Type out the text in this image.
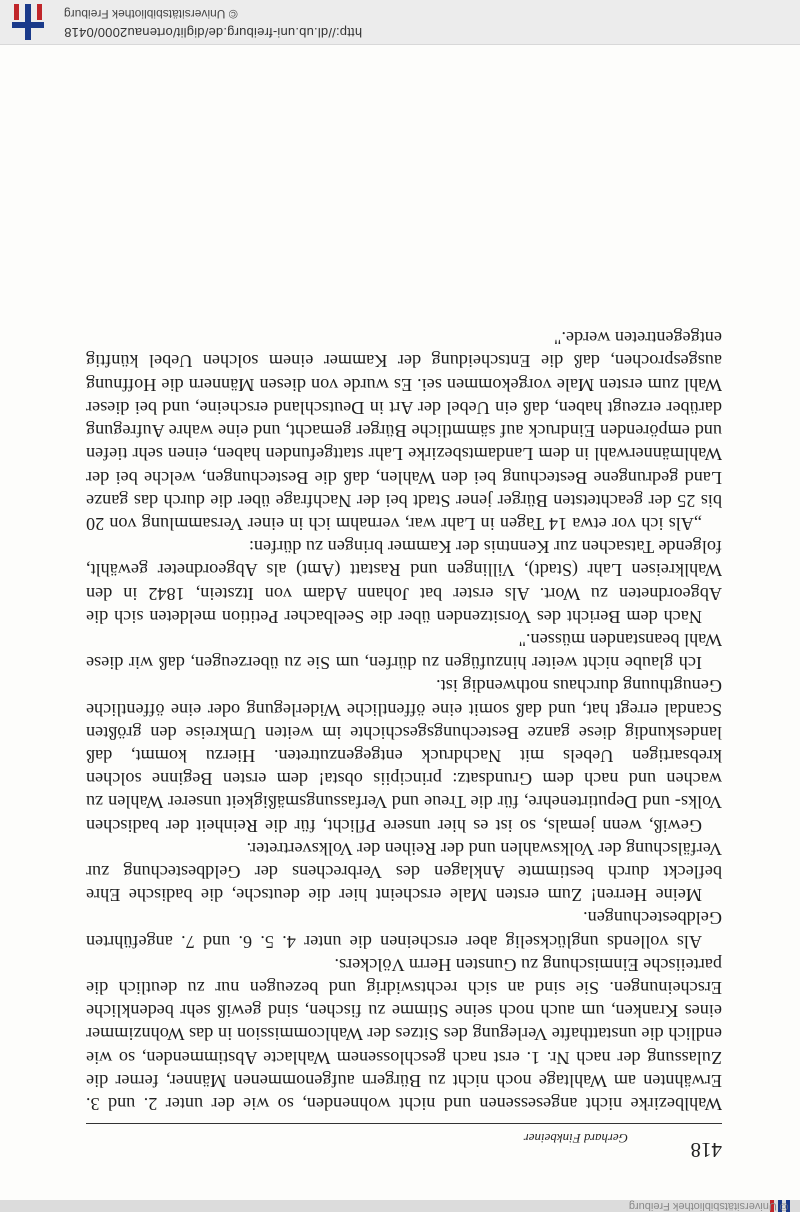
© Universitätsbibliothek Freiburg
418
Gerhard Finkbeiner

Wahlbezirke nicht angesessenen und nicht wohnenden, so wie der unter 2. und 3. Erwähnten am Wahltage noch nicht zu Bürgern aufgenommenen Männer, ferner die Zulassung der nach Nr. 1. erst nach geschlossenem Wahlacte Abstimmenden, so wie endlich die unstatthafte Verlegung des Sitzes der Wahlcommission in das Wohnzimmer eines Kranken, um auch noch seine Stimme zu fischen, sind gewiß sehr bedenkliche Erscheinungen. Sie sind an sich rechtswidrig und bezeugen nur zu deutlich die parteiische Einmischung zu Gunsten Herrn Völckers.

Als vollends unglückselig aber erscheinen die unter 4. 5. 6. und 7. angeführten Geldbestechungen.

Meine Herren! Zum ersten Male erscheint hier die deutsche, die badische Ehre befleckt durch bestimmte Anklagen des Verbrechens der Geldbestechung zur Verfälschung der Volkswahlen und der Reihen der Volksvertreter.

Gewiß, wenn jemals, so ist es hier unsere Pflicht, für die Reinheit der badischen Volks- und Deputirtenehre, für die Treue und Verfassungsmäßigkeit unserer Wahlen zu wachen und nach dem Grundsatz: principiis obsta! dem ersten Beginne solchen krebsartigen Uebels mit Nachdruck entgegenzutreten. Hierzu kommt, daß landeskundig diese ganze Bestechungsgeschichte im weiten Umkreise den größten Scandal erregt hat, und daß somit eine öffentliche Widerlegung oder eine öffentliche Genugthuung durchaus nothwendig ist.

Ich glaube nicht weiter hinzufügen zu dürfen, um Sie zu überzeugen, daß wir diese Wahl beanstanden müssen."

Nach dem Bericht des Vorsitzenden über die Seelbacher Petition meldeten sich die Abgeordneten zu Wort. Als erster bat Johann Adam von Itzstein, 1842 in den Wahlkreisen Lahr (Stadt), Villingen und Rastatt (Amt) als Abgeordneter gewählt, folgende Tatsachen zur Kenntnis der Kammer bringen zu dürfen:

„Als ich vor etwa 14 Tagen in Lahr war, vernahm ich in einer Versammlung von 20 bis 25 der geachtetsten Bürger jener Stadt bei der Nachfrage über die durch das ganze Land gedrungene Bestechung bei den Wahlen, daß die Bestechungen, welche bei der Wahlmännerwahl in dem Landamtsbezirke Lahr stattgefunden haben, einen sehr tiefen und empörenden Eindruck auf sämmtliche Bürger gemacht, und eine wahre Aufregung darüber erzeugt haben, daß ein Uebel der Art in Deutschland erscheine, und bei dieser Wahl zum ersten Male vorgekommen sei. Es wurde von diesen Männern die Hoffnung ausgesprochen, daß die Entscheidung der Kammer einem solchen Uebel künftig entgegentreten werde."

http://dl.ub.uni-freiburg.de/diglit/ortenau2000/0418
© Universitätsbibliothek Freiburg
